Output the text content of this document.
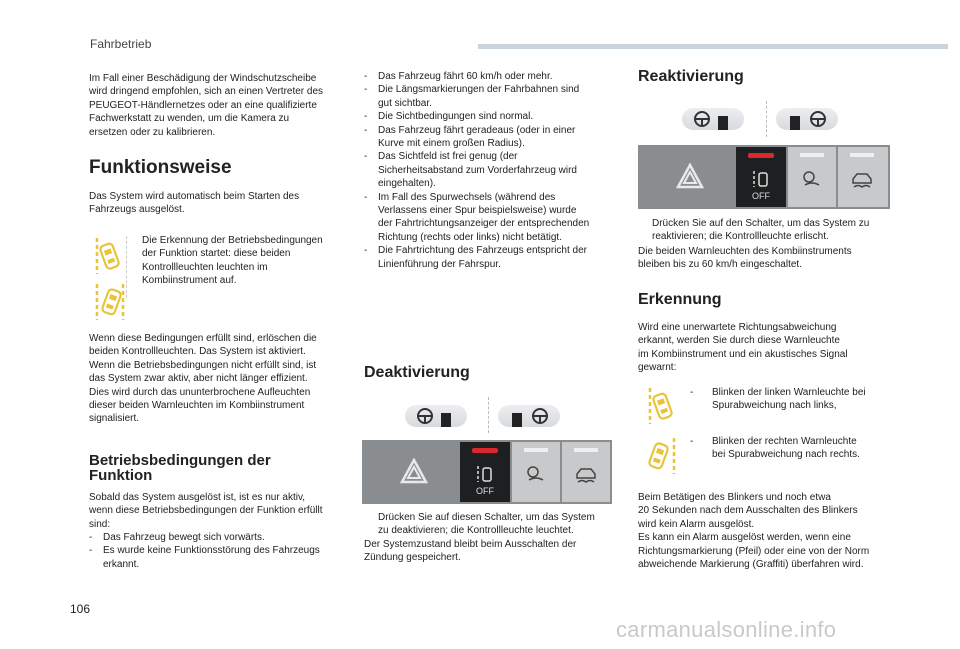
Fahrbetrieb
Im Fall einer Beschädigung der Windschutzscheibe
wird dringend empfohlen, sich an einen Vertreter des
PEUGEOT-Händlernetzes oder an eine qualifizierte
Fachwerkstatt zu wenden, um die Kamera zu
ersetzen oder zu kalibrieren.
Funktionsweise
Das System wird automatisch beim Starten des
Fahrzeugs ausgelöst.
Die Erkennung der Betriebsbedingungen
der Funktion startet: diese beiden
Kontrollleuchten leuchten im
Kombiinstrument auf.
Wenn diese Bedingungen erfüllt sind, erlöschen die
beiden Kontrollleuchten. Das System ist aktiviert.
Wenn die Betriebsbedingungen nicht erfüllt sind, ist
das System zwar aktiv, aber nicht länger effizient.
Dies wird durch das ununterbrochene Aufleuchten
dieser beiden Warnleuchten im Kombiinstrument
signalisiert.
Betriebsbedingungen der
Funktion
Sobald das System ausgelöst ist, ist es nur aktiv,
wenn diese Betriebsbedingungen der Funktion erfüllt
sind:
-	Das Fahrzeug bewegt sich vorwärts.
-	Es wurde keine Funktionsstörung des Fahrzeugs
erkannt.
-	Das Fahrzeug fährt 60 km/h oder mehr.
-	Die Längsmarkierungen der Fahrbahnen sind
gut sichtbar.
-	Die Sichtbedingungen sind normal.
-	Das Fahrzeug fährt geradeaus (oder in einer
Kurve mit einem großen Radius).
-	Das Sichtfeld ist frei genug (der
Sicherheitsabstand zum Vorderfahrzeug wird
eingehalten).
-	Im Fall des Spurwechsels (während des
Verlassens einer Spur beispielsweise) wurde
der Fahrtrichtungsanzeiger der entsprechenden
Richtung (rechts oder links) nicht betätigt.
-	Die Fahrtrichtung des Fahrzeugs entspricht der
Linienführung der Fahrspur.
Deaktivierung
OFF
Drücken Sie auf diesen Schalter, um das System
zu deaktivieren; die Kontrollleuchte leuchtet.
Der Systemzustand bleibt beim Ausschalten der
Zündung gespeichert.
Reaktivierung
OFF
Drücken Sie auf den Schalter, um das System zu
reaktivieren; die Kontrollleuchte erlischt.
Die beiden Warnleuchten des Kombiinstruments
bleiben bis zu 60 km/h eingeschaltet.
Erkennung
Wird eine unerwartete Richtungsabweichung
erkannt, werden Sie durch diese Warnleuchte
im Kombiinstrument und ein akustisches Signal
gewarnt:
-	Blinken der linken Warnleuchte bei
Spurabweichung nach links,
-	Blinken der rechten Warnleuchte
bei Spurabweichung nach rechts.
Beim Betätigen des Blinkers und noch etwa
20 Sekunden nach dem Ausschalten des Blinkers
wird kein Alarm ausgelöst.
Es kann ein Alarm ausgelöst werden, wenn eine
Richtungsmarkierung (Pfeil) oder eine von der Norm
abweichende Markierung (Graffiti) überfahren wird.
106
carmanualsonline.info
